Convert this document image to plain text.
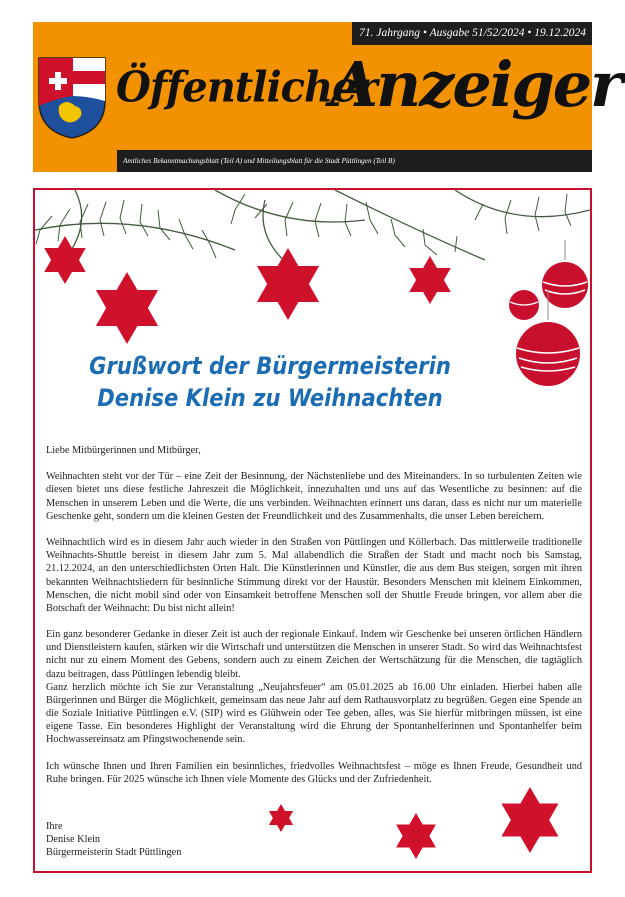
71. Jahrgang • Ausgabe 51/52/2024 • 19.12.2024
Öffentlicher
Anzeiger
Amtliches Bekanntmachungsblatt (Teil A) und Mitteilungsblatt für die Stadt Püttlingen (Teil B)
Grußwort der Bürgermeisterin
Denise Klein zu Weihnachten

Liebe Mitbürgerinnen und Mitbürger,

Weihnachten steht vor der Tür – eine Zeit der Besinnung, der Nächstenliebe und des Miteinanders. In so turbulenten Zeiten wie diesen bietet uns diese festliche Jahreszeit die Möglichkeit, innezuhalten und uns auf das Wesentliche zu besinnen: auf die Menschen in unserem Leben und die Werte, die uns verbinden. Weihnachten erinnert uns daran, dass es nicht nur um materielle Geschenke geht, sondern um die kleinen Gesten der Freundlichkeit und des Zusammenhalts, die unser Leben bereichern.

Weihnachtlich wird es in diesem Jahr auch wieder in den Straßen von Püttlingen und Köllerbach. Das mittlerweile traditionelle Weihnachts-Shuttle bereist in diesem Jahr zum 5. Mal allabendlich die Straßen der Stadt und macht noch bis Samstag, 21.12.2024, an den unterschiedlichsten Orten Halt. Die Künstlerinnen und Künstler, die aus dem Bus steigen, sorgen mit ihren bekannten Weihnachtsliedern für besinnliche Stimmung direkt vor der Haustür. Besonders Menschen mit kleinem Einkommen, Menschen, die nicht mobil sind oder von Einsamkeit betroffene Menschen soll der Shuttle Freude bringen, vor allem aber die Botschaft der Weihnacht: Du bist nicht allein!

Ein ganz besonderer Gedanke in dieser Zeit ist auch der regionale Einkauf. Indem wir Geschenke bei unseren örtlichen Händlern und Dienstleistern kaufen, stärken wir die Wirtschaft und unterstützen die Menschen in unserer Stadt. So wird das Weihnachtsfest nicht nur zu einem Moment des Gebens, sondern auch zu einem Zeichen der Wertschätzung für die Menschen, die tagtäglich dazu beitragen, dass Püttlingen lebendig bleibt.

Ganz herzlich möchte ich Sie zur Veranstaltung „Neujahrsfeuer“ am 05.01.2025 ab 16.00 Uhr einladen. Hierbei haben alle Bürgerinnen und Bürger die Möglichkeit, gemeinsam das neue Jahr auf dem Rathausvorplatz zu begrüßen. Gegen eine Spende an die Soziale Initiative Püttlingen e.V. (SIP) wird es Glühwein oder Tee geben, alles, was Sie hierfür mitbringen müssen, ist eine eigene Tasse. Ein besonderes Highlight der Veranstaltung wird die Ehrung der Spontanhelferinnen und Spontanhelfer beim Hochwassereinsatz am Pfingstwochenende sein.

Ich wünsche Ihnen und Ihren Familien ein besinnliches, friedvolles Weihnachtsfest – möge es Ihnen Freude, Gesundheit und Ruhe bringen. Für 2025 wünsche ich Ihnen viele Momente des Glücks und der Zufriedenheit.

Ihre
Denise Klein
Bürgermeisterin Stadt Püttlingen
